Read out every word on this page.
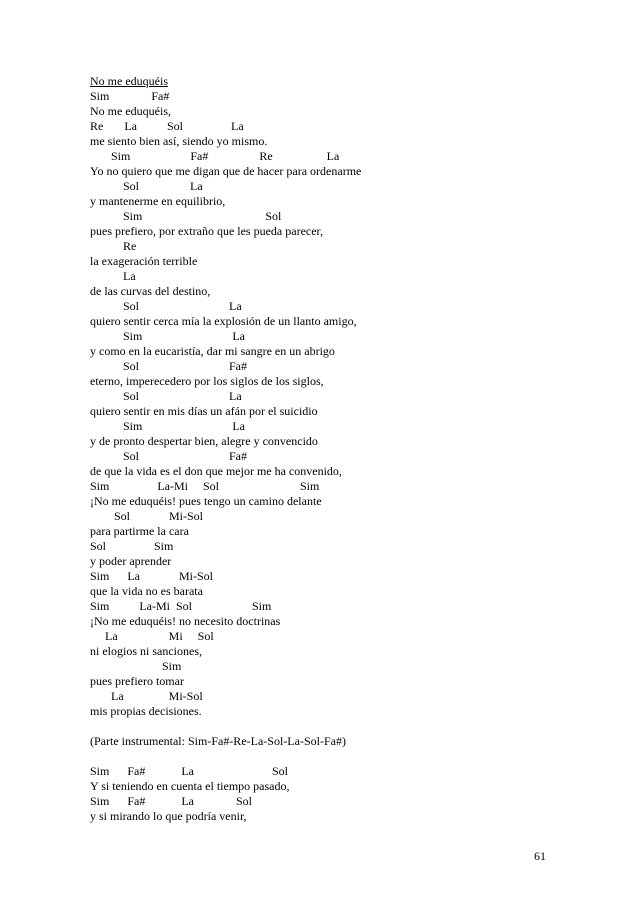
No me eduquéis
Sim              Fa#
No me eduquéis,
Re       La          Sol                La
me siento bien así, siendo yo mismo.
Sim                    Fa#                 Re                  La
Yo no quiero que me digan que de hacer para ordenarme
Sol                 La
y mantenerme en equilibrio,
Sim                                         Sol
pues prefiero, por extraño que les pueda parecer,
Re
la exageración terrible
La
de las curvas del destino,
Sol                              La
quiero sentir cerca mía la explosión de un llanto amigo,
Sim                              La
y como en la eucaristía, dar mi sangre en un abrigo
Sol                              Fa#
eterno, imperecedero por los siglos de los siglos,
Sol                              La
quiero sentir en mis días un afán por el suicidio
Sim                              La
y de pronto despertar bien, alegre y convencido
Sol                              Fa#
de que la vida es el don que mejor me ha convenido,
Sim                La-Mi     Sol                           Sim
¡No me eduquéis! pues tengo un camino delante
Sol             Mi-Sol
para partirme la cara
Sol                Sim
y poder aprender
Sim      La             Mi-Sol
que la vida no es barata
Sim          La-Mi  Sol                    Sim
¡No me eduquéis! no necesito doctrinas
La                 Mi     Sol
ni elogios ni sanciones,
Sim
pues prefiero tomar
La               Mi-Sol
mis propias decisiones.
(Parte instrumental: Sim-Fa#-Re-La-Sol-La-Sol-Fa#)
Sim      Fa#            La                          Sol
Y si teniendo en cuenta el tiempo pasado,
Sim      Fa#            La              Sol
y si mirando lo que podría venir,
61
